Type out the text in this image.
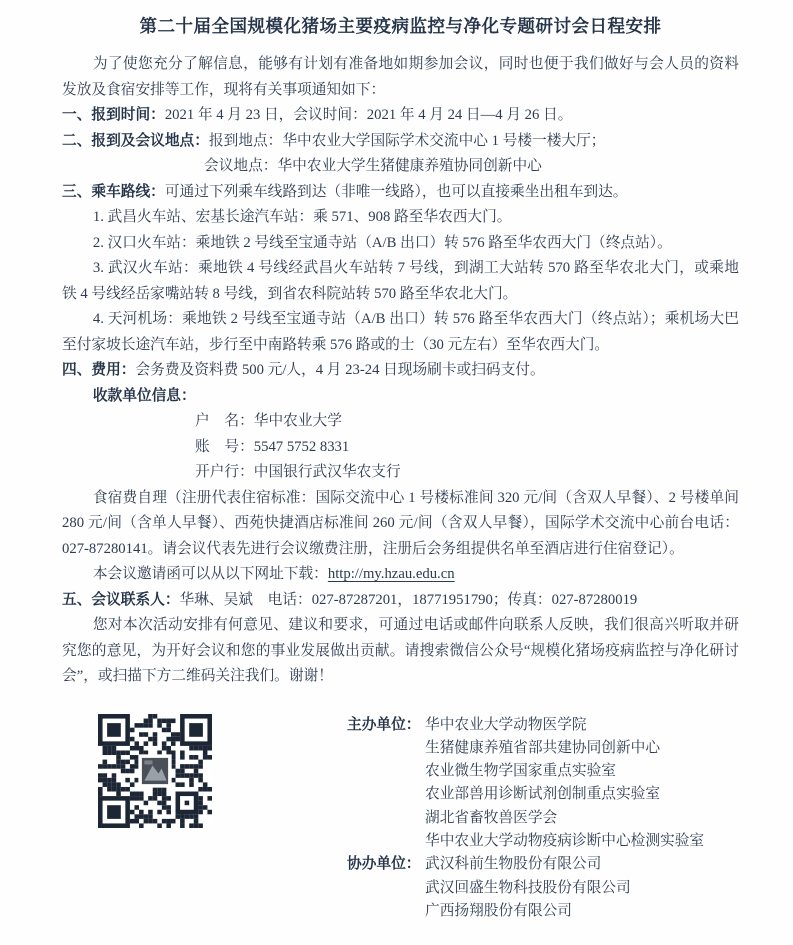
第二十届全国规模化猪场主要疫病监控与净化专题研讨会日程安排

为了使您充分了解信息，能够有计划有准备地如期参加会议，同时也便于我们做好与会人员的资料发放及食宿安排等工作，现将有关事项通知如下：

一、报到时间：2021 年 4 月 23 日，会议时间：2021 年 4 月 24 日—4 月 26 日。

二、报到及会议地点：报到地点：华中农业大学国际学术交流中心 1 号楼一楼大厅；

会议地点：华中农业大学生猪健康养殖协同创新中心

三、乘车路线：可通过下列乘车线路到达（非唯一线路），也可以直接乘坐出租车到达。

1. 武昌火车站、宏基长途汽车站：乘 571、908 路至华农西大门。
2. 汉口火车站：乘地铁 2 号线至宝通寺站（A/B 出口）转 576 路至华农西大门（终点站）。
3. 武汉火车站：乘地铁 4 号线经武昌火车站转 7 号线，到湖工大站转 570 路至华农北大门，或乘地铁 4 号线经岳家嘴站转 8 号线，到省农科院站转 570 路至华农北大门。
4. 天河机场：乘地铁 2 号线至宝通寺站（A/B 出口）转 576 路至华农西大门（终点站）；乘机场大巴至付家坡长途汽车站，步行至中南路转乘 576 路或的士（30 元左右）至华农西大门。

四、费用：会务费及资料费 500 元/人，4 月 23-24 日现场刷卡或扫码支付。

收款单位信息：

户　名：华中农业大学

账　号：5547 5752 8331

开户行：中国银行武汉华农支行

食宿费自理（注册代表住宿标准：国际交流中心 1 号楼标准间 320 元/间（含双人早餐）、2 号楼单间 280 元/间（含单人早餐）、西苑快捷酒店标准间 260 元/间（含双人早餐），国际学术交流中心前台电话：027-87280141。请会议代表先进行会议缴费注册，注册后会务组提供名单至酒店进行住宿登记）。

本会议邀请函可以从以下网址下载：http://my.hzau.edu.cn

五、会议联系人：华琳、吴斌　电话：027-87287201，18771951790；传真：027-87280019

您对本次活动安排有何意见、建议和要求，可通过电话或邮件向联系人反映，我们很高兴听取并研究您的意见，为开好会议和您的事业发展做出贡献。请搜索微信公众号“规模化猪场疫病监控与净化研讨会”，或扫描下方二维码关注我们。谢谢！

主办单位： 华中农业大学动物医学院
生猪健康养殖省部共建协同创新中心
农业微生物学国家重点实验室
农业部兽用诊断试剂创制重点实验室
湖北省畜牧兽医学会
华中农业大学动物疫病诊断中心检测实验室
协办单位： 武汉科前生物股份有限公司
武汉回盛生物科技股份有限公司
广西扬翔股份有限公司
